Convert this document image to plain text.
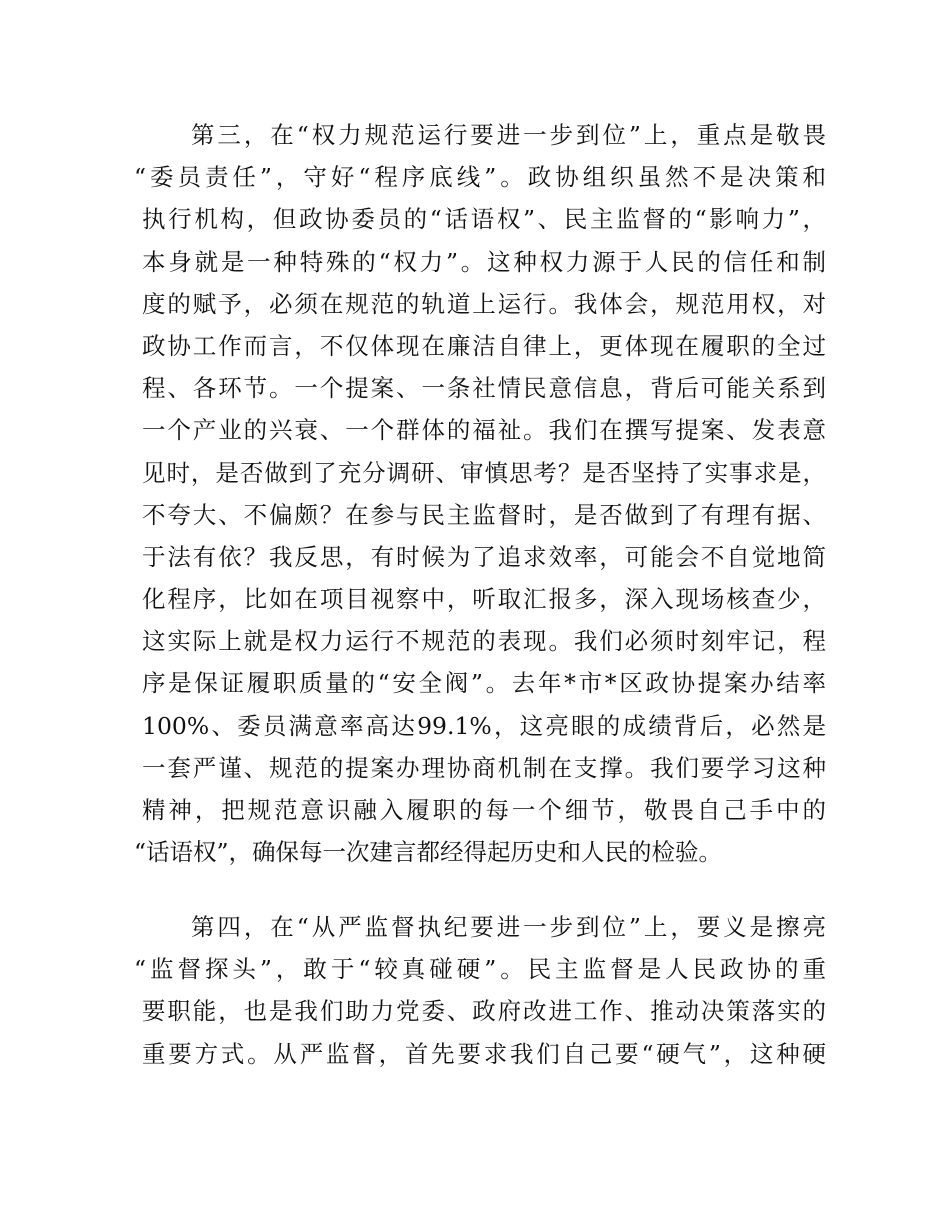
第三，在“权力规范运行要进一步到位”上，重点是敬畏
“委员责任”，守好“程序底线”。政协组织虽然不是决策和
执行机构，但政协委员的“话语权”、民主监督的“影响力”，
本身就是一种特殊的“权力”。这种权力源于人民的信任和制
度的赋予，必须在规范的轨道上运行。我体会，规范用权，对
政协工作而言，不仅体现在廉洁自律上，更体现在履职的全过
程、各环节。一个提案、一条社情民意信息，背后可能关系到
一个产业的兴衰、一个群体的福祉。我们在撰写提案、发表意
见时，是否做到了充分调研、审慎思考？是否坚持了实事求是，
不夸大、不偏颇？在参与民主监督时，是否做到了有理有据、
于法有依？我反思，有时候为了追求效率，可能会不自觉地简
化程序，比如在项目视察中，听取汇报多，深入现场核查少，
这实际上就是权力运行不规范的表现。我们必须时刻牢记，程
序是保证履职质量的“安全阀”。去年*市*区政协提案办结率
100%、委员满意率高达99.1%，这亮眼的成绩背后，必然是
一套严谨、规范的提案办理协商机制在支撑。我们要学习这种
精神，把规范意识融入履职的每一个细节，敬畏自己手中的
“话语权”，确保每一次建言都经得起历史和人民的检验。
第四，在“从严监督执纪要进一步到位”上，要义是擦亮
“监督探头”，敢于“较真碰硬”。民主监督是人民政协的重
要职能，也是我们助力党委、政府改进工作、推动决策落实的
重要方式。从严监督，首先要求我们自己要“硬气”，这种硬
